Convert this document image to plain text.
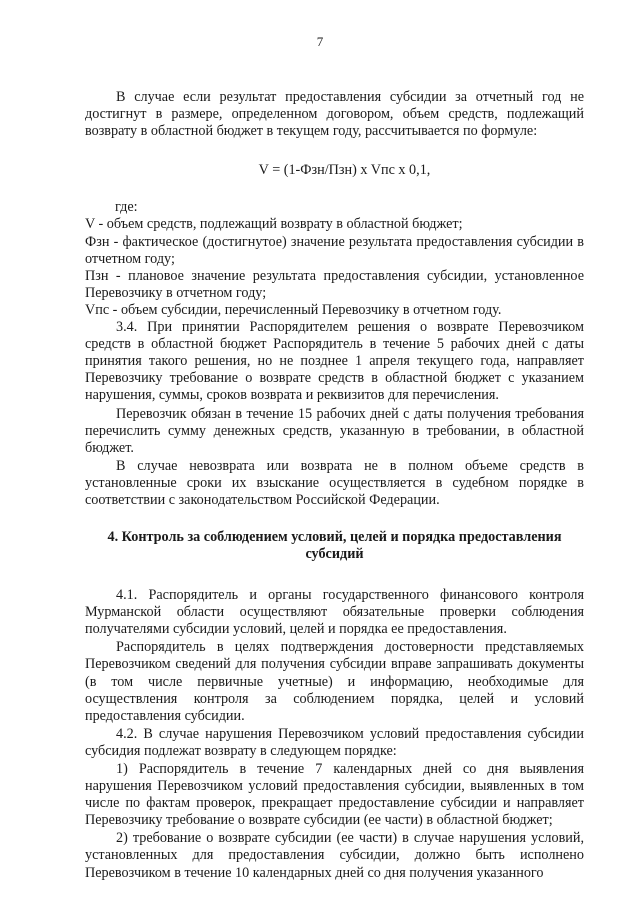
7

В случае если результат предоставления субсидии за отчетный год не достигнут в размере, определенном договором, объем средств, подлежащий возврату в областной бюджет в текущем году, рассчитывается по формуле:

V = (1-Фзн/Пзн) x Vпс x 0,1,

где:

V - объем средств, подлежащий возврату в областной бюджет;

Фзн - фактическое (достигнутое) значение результата предоставления субсидии в отчетном году;

Пзн - плановое значение результата предоставления субсидии, установленное Перевозчику в отчетном году;

Vпс - объем субсидии, перечисленный Перевозчику в отчетном году.

3.4. При принятии Распорядителем решения о возврате Перевозчиком средств в областной бюджет Распорядитель в течение 5 рабочих дней с даты принятия такого решения, но не позднее 1 апреля текущего года, направляет Перевозчику требование о возврате средств в областной бюджет с указанием нарушения, суммы, сроков возврата и реквизитов для перечисления.

Перевозчик обязан в течение 15 рабочих дней с даты получения требования перечислить сумму денежных средств, указанную в требовании, в областной бюджет.

В случае невозврата или возврата не в полном объеме средств в установленные сроки их взыскание осуществляется в судебном порядке в соответствии с законодательством Российской Федерации.

4. Контроль за соблюдением условий, целей и порядка предоставления субсидий

4.1. Распорядитель и органы государственного финансового контроля Мурманской области осуществляют обязательные проверки соблюдения получателями субсидии условий, целей и порядка ее предоставления.

Распорядитель в целях подтверждения достоверности представляемых Перевозчиком сведений для получения субсидии вправе запрашивать документы (в том числе первичные учетные) и информацию, необходимые для осуществления контроля за соблюдением порядка, целей и условий предоставления субсидии.

4.2. В случае нарушения Перевозчиком условий предоставления субсидии субсидия подлежат возврату в следующем порядке:

1) Распорядитель в течение 7 календарных дней со дня выявления нарушения Перевозчиком условий предоставления субсидии, выявленных в том числе по фактам проверок, прекращает предоставление субсидии и направляет Перевозчику требование о возврате субсидии (ее части) в областной бюджет;

2) требование о возврате субсидии (ее части) в случае нарушения условий, установленных для предоставления субсидии, должно быть исполнено Перевозчиком в течение 10 календарных дней со дня получения указанного
